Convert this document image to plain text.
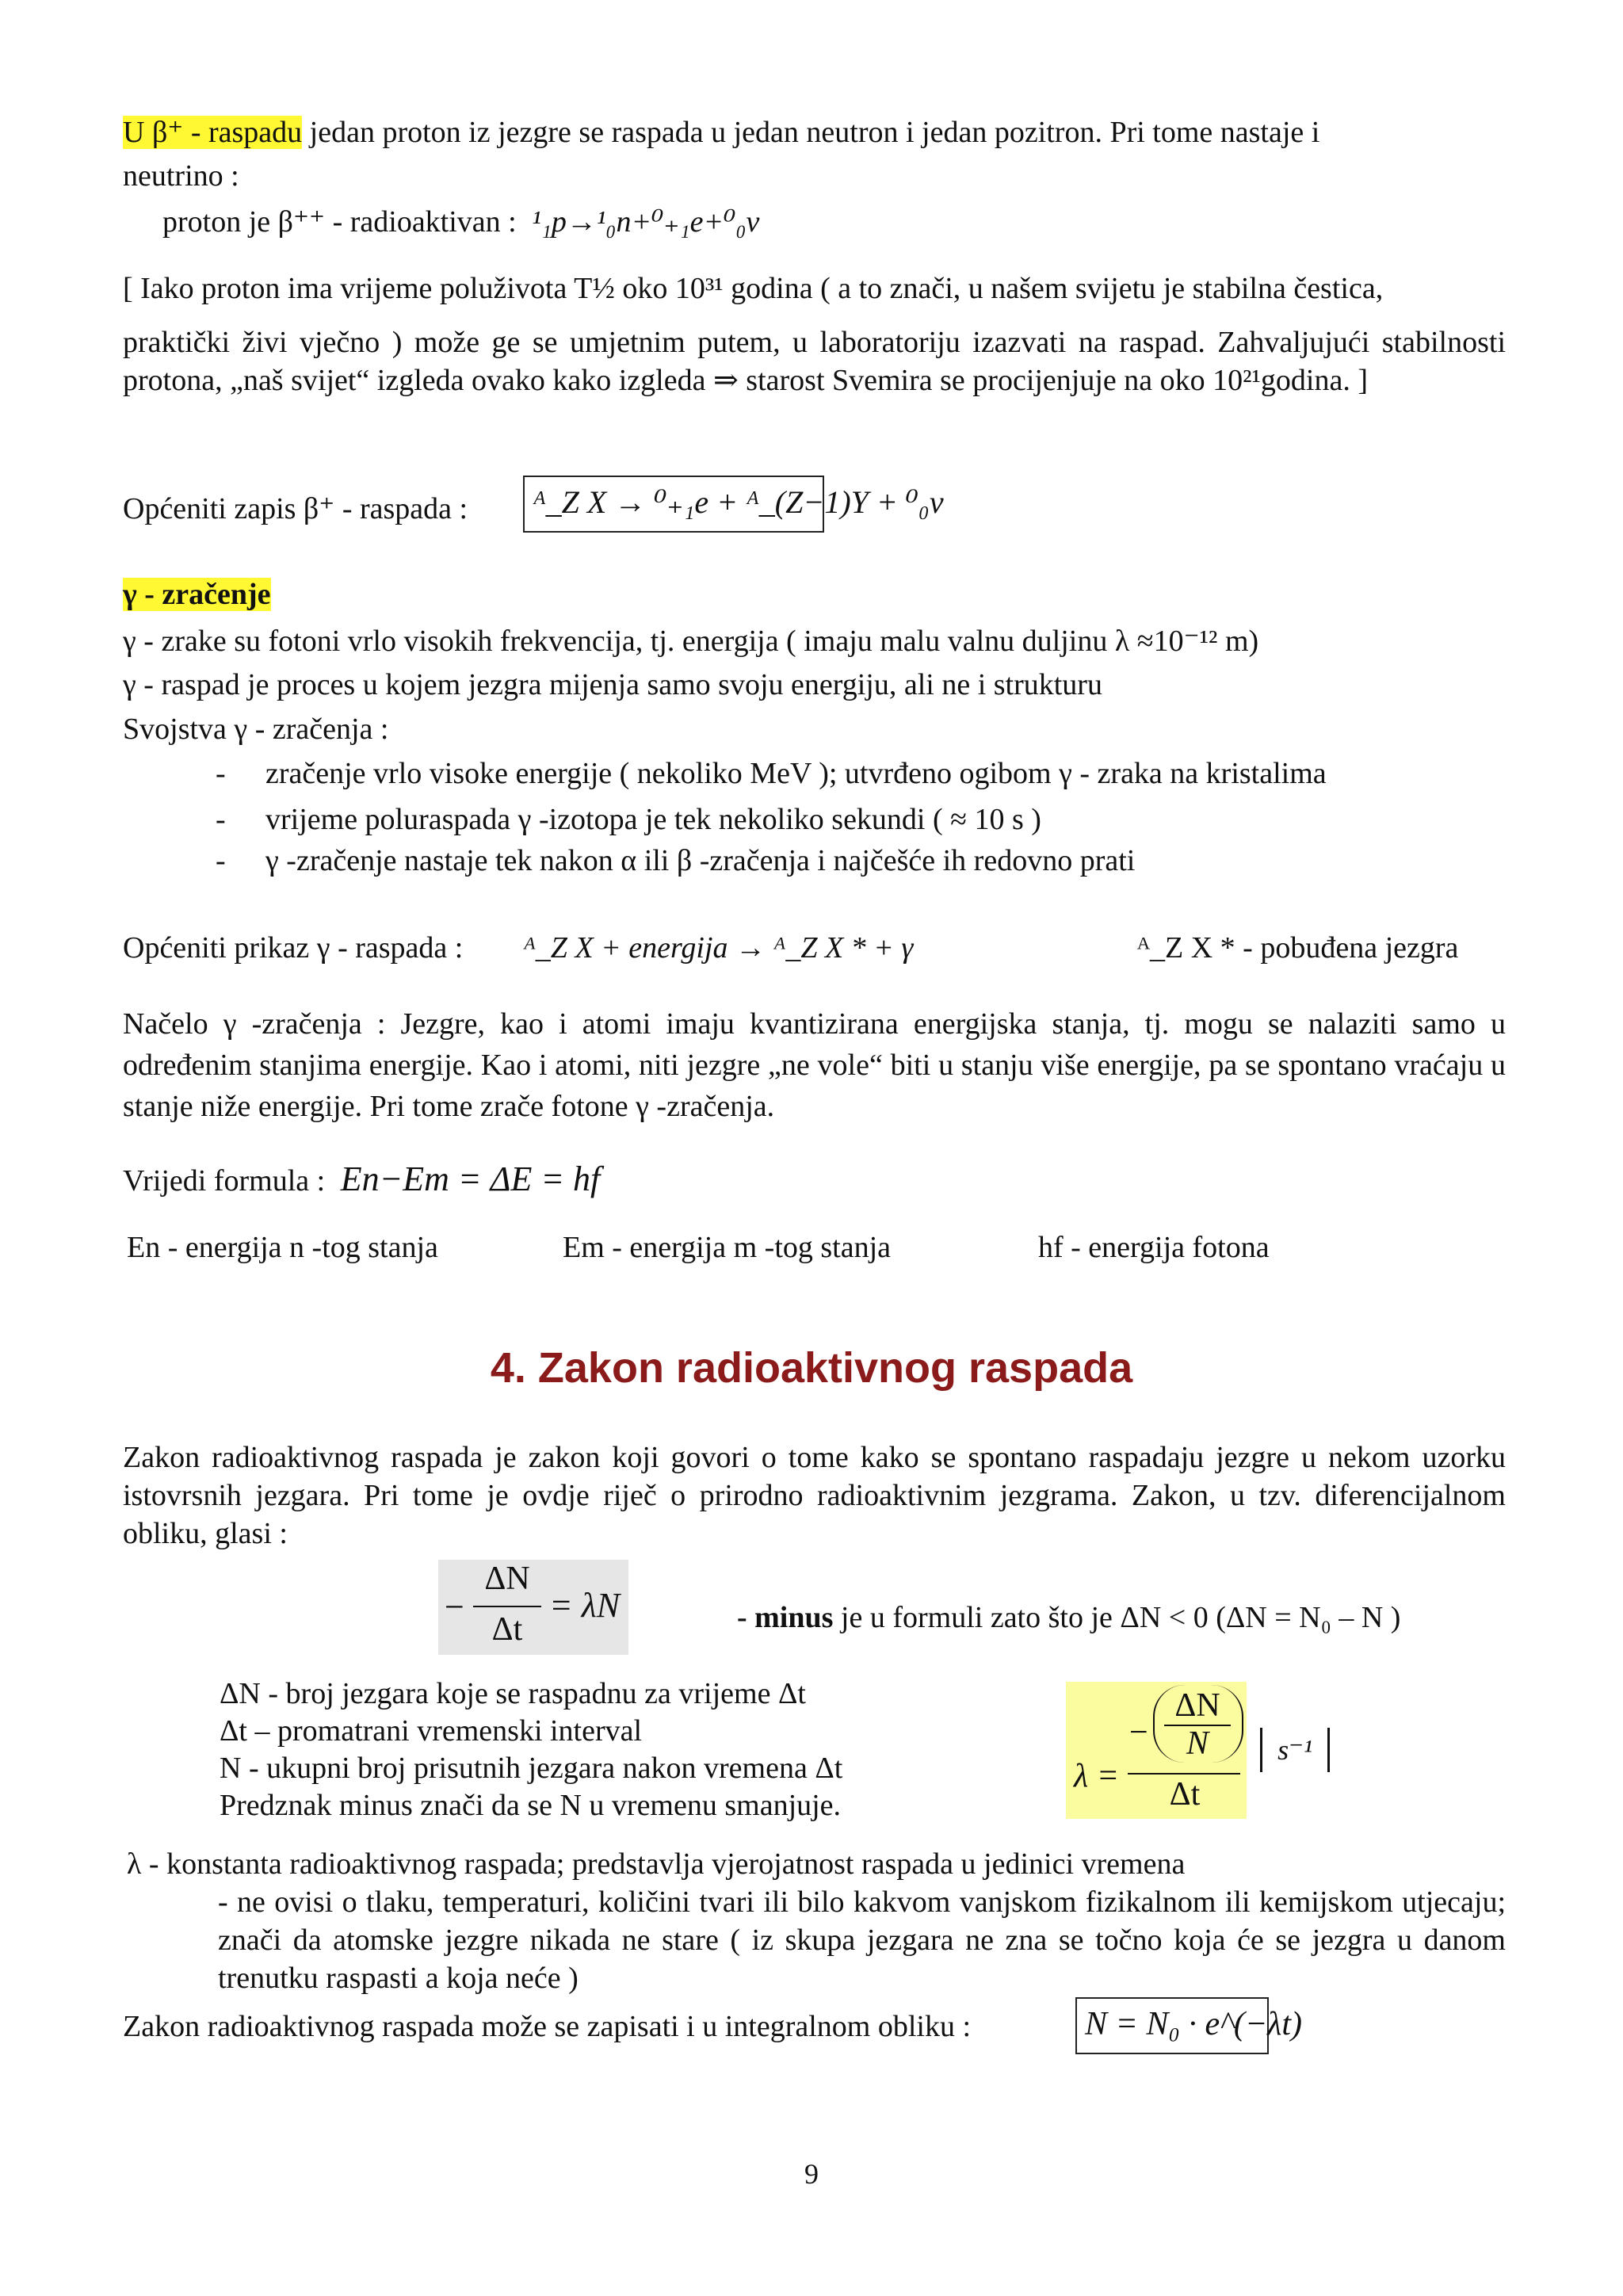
U β⁺ - raspadu jedan proton iz jezgre se raspada u jedan neutron i jedan pozitron. Pri tome nastaje i
neutrino :
proton je β⁺⁺ - radioaktivan : ¹₁p→¹₀n+⁰₊₁e+⁰₀ν
[ Iako proton ima vrijeme poluživota T½ oko 10³¹ godina ( a to znači, u našem svijetu je stabilna čestica,
praktički živi vječno ) može ge se umjetnim putem, u laboratoriju izazvati na raspad. Zahvaljujući stabilnosti protona, „naš svijet“ izgleda ovako kako izgleda ⇒ starost Svemira se procijenjuje na oko 10²¹godina. ]
Općeniti zapis β⁺ - raspada : ᴬ_Z X → ⁰₊₁e + ᴬ_(Z−1)Y + ⁰₀ν
γ - zračenje
γ - zrake su fotoni vrlo visokih frekvencija, tj. energija ( imaju malu valnu duljinu λ ≈10⁻¹² m)
γ - raspad je proces u kojem jezgra mijenja samo svoju energiju, ali ne i strukturu
Svojstva γ - zračenja :
- zračenje vrlo visoke energije ( nekoliko MeV ); utvrđeno ogibom γ - zraka na kristalima
- vrijeme poluraspada γ -izotopa je tek nekoliko sekundi ( ≈ 10 s )
- γ -zračenje nastaje tek nakon α ili β -zračenja i najčešće ih redovno prati
Općeniti prikaz γ - raspada : ᴬ_Z X + energija → ᴬ_Z X * + γ	ᴬ_Z X * - pobuđena jezgra
Načelo γ -zračenja : Jezgre, kao i atomi imaju kvantizirana energijska stanja, tj. mogu se nalaziti samo u određenim stanjima energije. Kao i atomi, niti jezgre „ne vole“ biti u stanju više energije, pa se spontano vraćaju u stanje niže energije. Pri tome zrače fotone γ -zračenja.
Vrijedi formula : En−Em = ΔE = hf
En - energija n -tog stanja	Em - energija m -tog stanja	hf - energija fotona
4. Zakon radioaktivnog raspada
Zakon radioaktivnog raspada je zakon koji govori o tome kako se spontano raspadaju jezgre u nekom uzorku istovrsnih jezgara. Pri tome je ovdje riječ o prirodno radioaktivnim jezgrama. Zakon, u tzv. diferencijalnom obliku, glasi :
−
ΔN
Δt
= λN	- minus je u formuli zato što je ΔN < 0 (ΔN = N₀ – N )
ΔN - broj jezgara koje se raspadnu za vrijeme Δt
Δt – promatrani vremenski interval
N - ukupni broj prisutnih jezgara nakon vremena Δt
Predznak minus znači da se N u vremenu smanjuje.
λ =
−
ΔN
N
Δt
s⁻¹
λ - konstanta radioaktivnog raspada; predstavlja vjerojatnost raspada u jedinici vremena
- ne ovisi o tlaku, temperaturi, količini tvari ili bilo kakvom vanjskom fizikalnom ili kemijskom utjecaju; znači da atomske jezgre nikada ne stare ( iz skupa jezgara ne zna se točno koja će se jezgra u danom trenutku raspasti a koja neće )
Zakon radioaktivnog raspada može se zapisati i u integralnom obliku :	N = N₀ · e^(−λt)
9
